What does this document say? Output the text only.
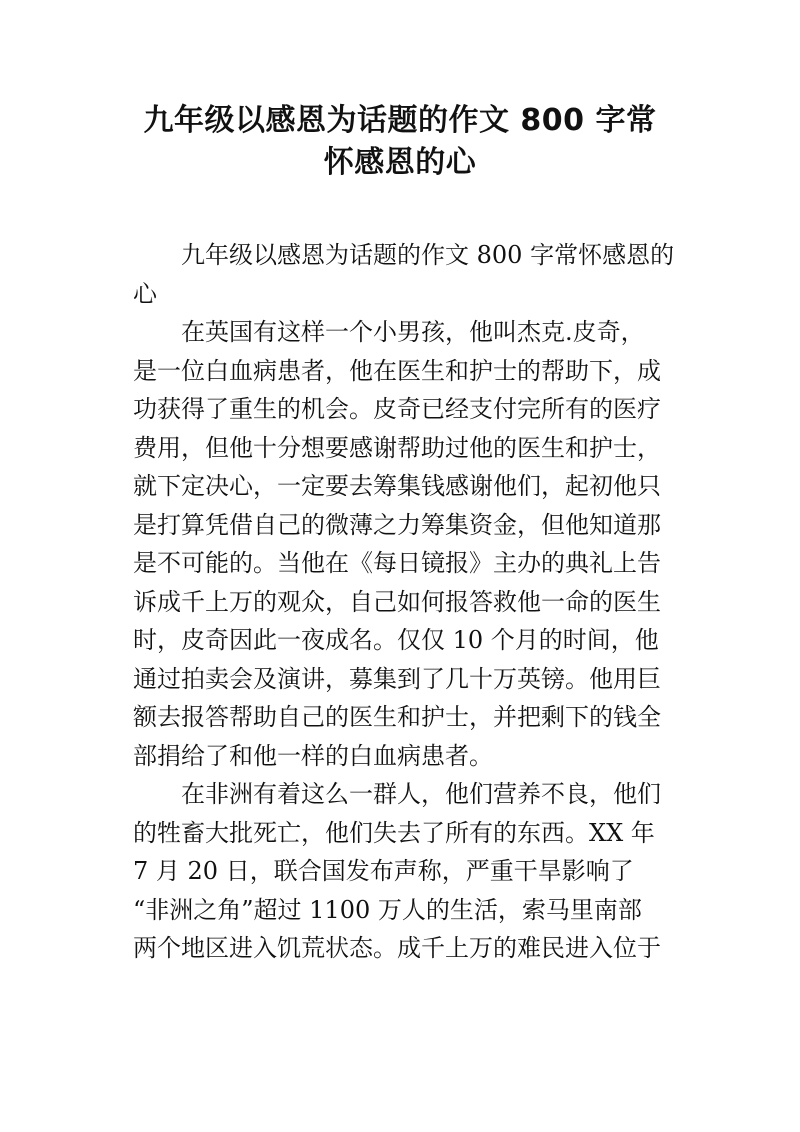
九年级以感恩为话题的作文 800 字常
怀感恩的心
九年级以感恩为话题的作文 800 字常怀感恩的
心
在英国有这样一个小男孩，他叫杰克.皮奇，
是一位白血病患者，他在医生和护士的帮助下，成
功获得了重生的机会。皮奇已经支付完所有的医疗
费用，但他十分想要感谢帮助过他的医生和护士，
就下定决心，一定要去筹集钱感谢他们，起初他只
是打算凭借自己的微薄之力筹集资金，但他知道那
是不可能的。当他在《每日镜报》主办的典礼上告
诉成千上万的观众，自己如何报答救他一命的医生
时，皮奇因此一夜成名。仅仅 10 个月的时间，他
通过拍卖会及演讲，募集到了几十万英镑。他用巨
额去报答帮助自己的医生和护士，并把剩下的钱全
部捐给了和他一样的白血病患者。
在非洲有着这么一群人，他们营养不良，他们
的牲畜大批死亡，他们失去了所有的东西。XX 年
7 月 20 日，联合国发布声称，严重干旱影响了
“非洲之角”超过 1100 万人的生活，索马里南部
两个地区进入饥荒状态。成千上万的难民进入位于
